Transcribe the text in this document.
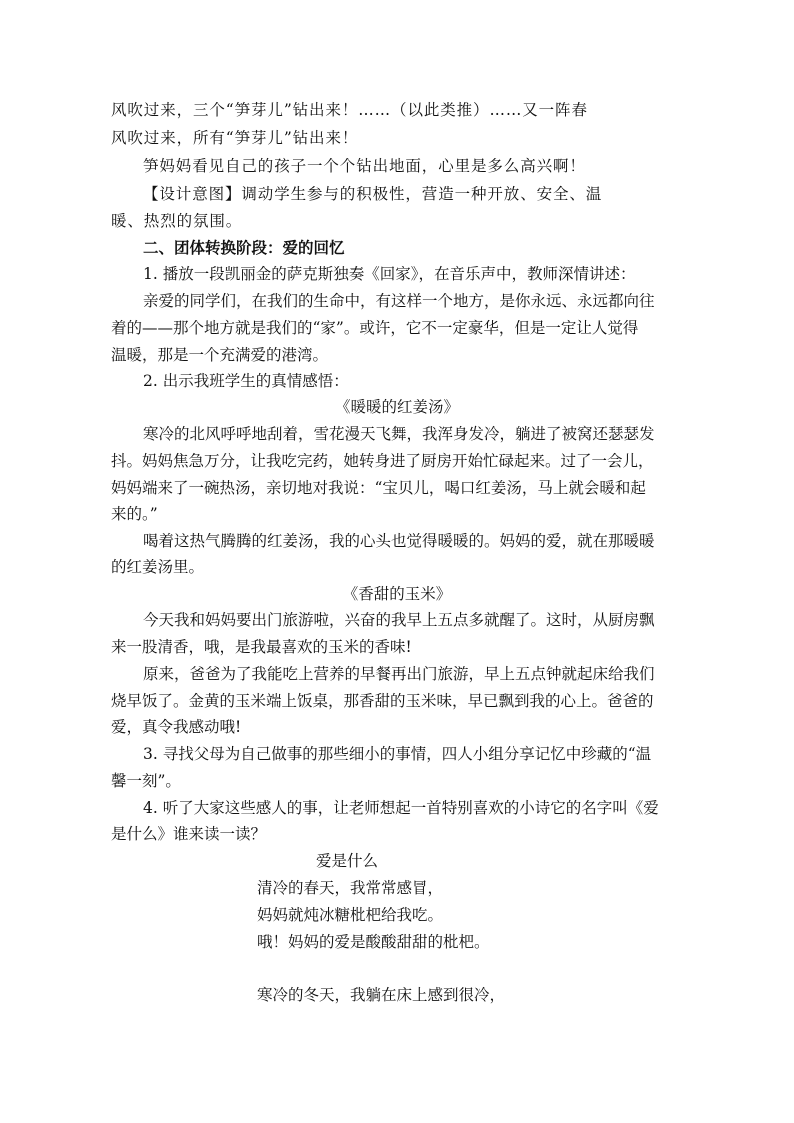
风吹过来，三个“笋芽儿”钻出来！……（以此类推）……又一阵春
风吹过来，所有“笋芽儿”钻出来！
笋妈妈看见自己的孩子一个个钻出地面，心里是多么高兴啊！
【设计意图】调动学生参与的积极性，营造一种开放、安全、温
暖、热烈的氛围。
二、团体转换阶段：爱的回忆
1. 播放一段凯丽金的萨克斯独奏《回家》，在音乐声中，教师深情讲述：
亲爱的同学们，在我们的生命中，有这样一个地方，是你永远、永远都向往
着的——那个地方就是我们的“家”。或许，它不一定豪华，但是一定让人觉得
温暖，那是一个充满爱的港湾。
2. 出示我班学生的真情感悟：
《暖暖的红姜汤》
寒冷的北风呼呼地刮着，雪花漫天飞舞，我浑身发冷，躺进了被窝还瑟瑟发
抖。妈妈焦急万分，让我吃完药，她转身进了厨房开始忙碌起来。过了一会儿，
妈妈端来了一碗热汤，亲切地对我说：“宝贝儿，喝口红姜汤，马上就会暖和起
来的。”
喝着这热气腾腾的红姜汤，我的心头也觉得暖暖的。妈妈的爱，就在那暖暖
的红姜汤里。
《香甜的玉米》
今天我和妈妈要出门旅游啦，兴奋的我早上五点多就醒了。这时，从厨房飘
来一股清香，哦，是我最喜欢的玉米的香味!
原来，爸爸为了我能吃上营养的早餐再出门旅游，早上五点钟就起床给我们
烧早饭了。金黄的玉米端上饭桌，那香甜的玉米味，早已飘到我的心上。爸爸的
爱，真令我感动哦!
3. 寻找父母为自己做事的那些细小的事情，四人小组分享记忆中珍藏的“温
馨一刻”。
4. 听了大家这些感人的事，让老师想起一首特别喜欢的小诗它的名字叫《爱
是什么》谁来读一读？
爱是什么
清冷的春天，我常常感冒，
妈妈就炖冰糖枇杷给我吃。
哦！妈妈的爱是酸酸甜甜的枇杷。
寒冷的冬天，我躺在床上感到很冷，
